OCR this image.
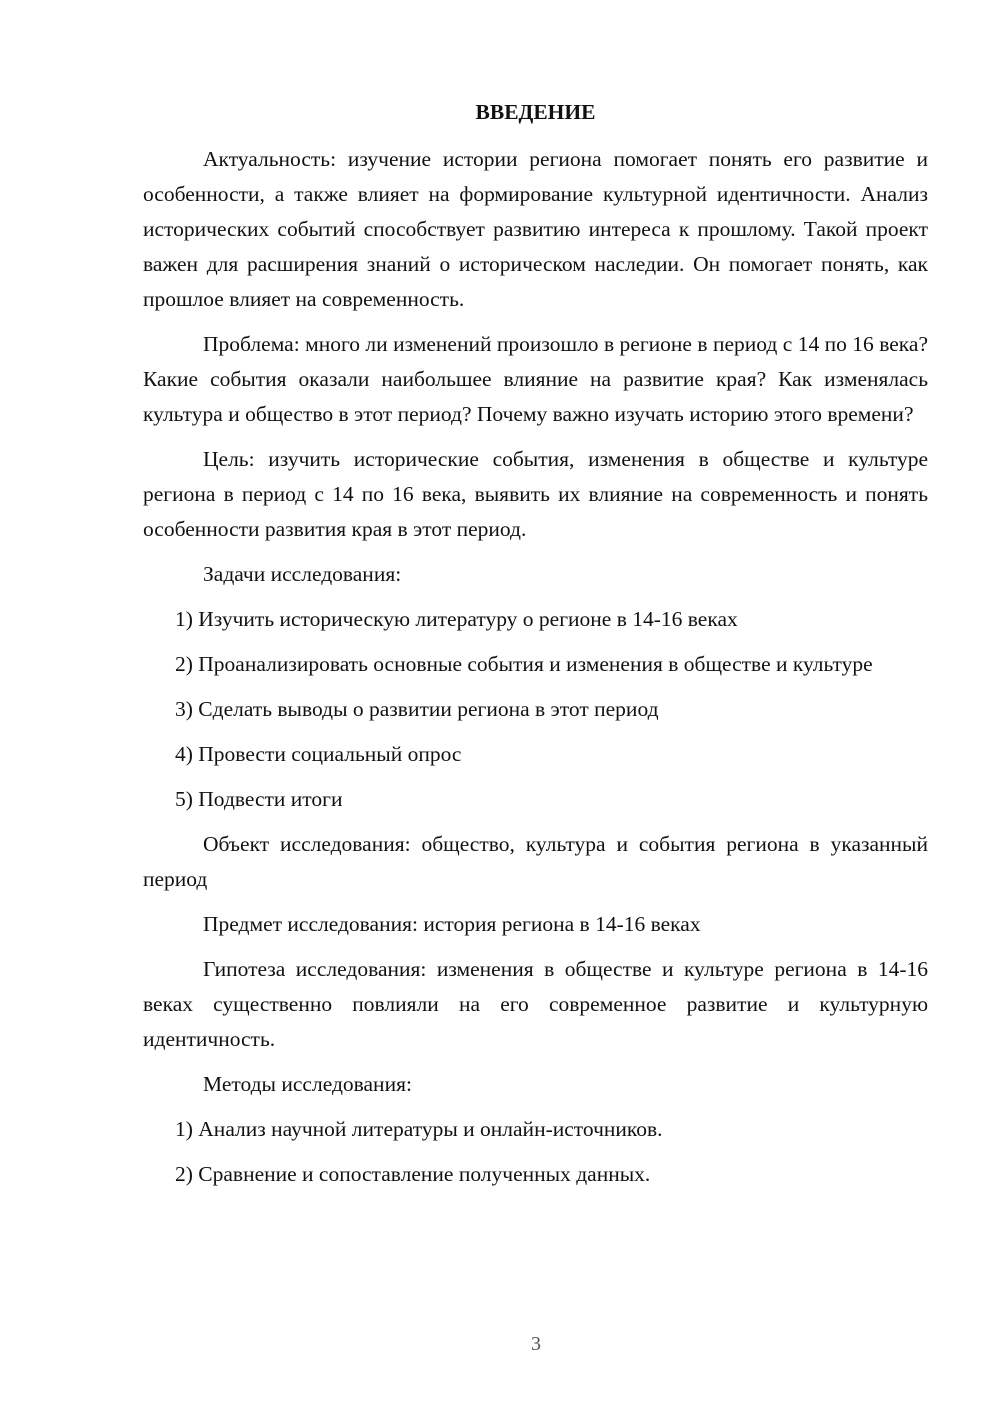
ВВЕДЕНИЕ

Актуальность: изучение истории региона помогает понять его развитие и особенности, а также влияет на формирование культурной идентичности. Анализ исторических событий способствует развитию интереса к прошлому. Такой проект важен для расширения знаний о историческом наследии. Он помогает понять, как прошлое влияет на современность.

Проблема: много ли изменений произошло в регионе в период с 14 по 16 века? Какие события оказали наибольшее влияние на развитие края? Как изменялась культура и общество в этот период? Почему важно изучать историю этого времени?

Цель: изучить исторические события, изменения в обществе и культуре региона в период с 14 по 16 века, выявить их влияние на современность и понять особенности развития края в этот период.

Задачи исследования:

1) Изучить историческую литературу о регионе в 14-16 веках

2) Проанализировать основные события и изменения в обществе и культуре

3) Сделать выводы о развитии региона в этот период

4) Провести социальный опрос

5) Подвести итоги

Объект исследования: общество, культура и события региона в указанный период

Предмет исследования: история региона в 14-16 веках

Гипотеза исследования: изменения в обществе и культуре региона в 14-16 веках существенно повлияли на его современное развитие и культурную идентичность.

Методы исследования:

1) Анализ научной литературы и онлайн-источников.

2) Сравнение и сопоставление полученных данных.

3
